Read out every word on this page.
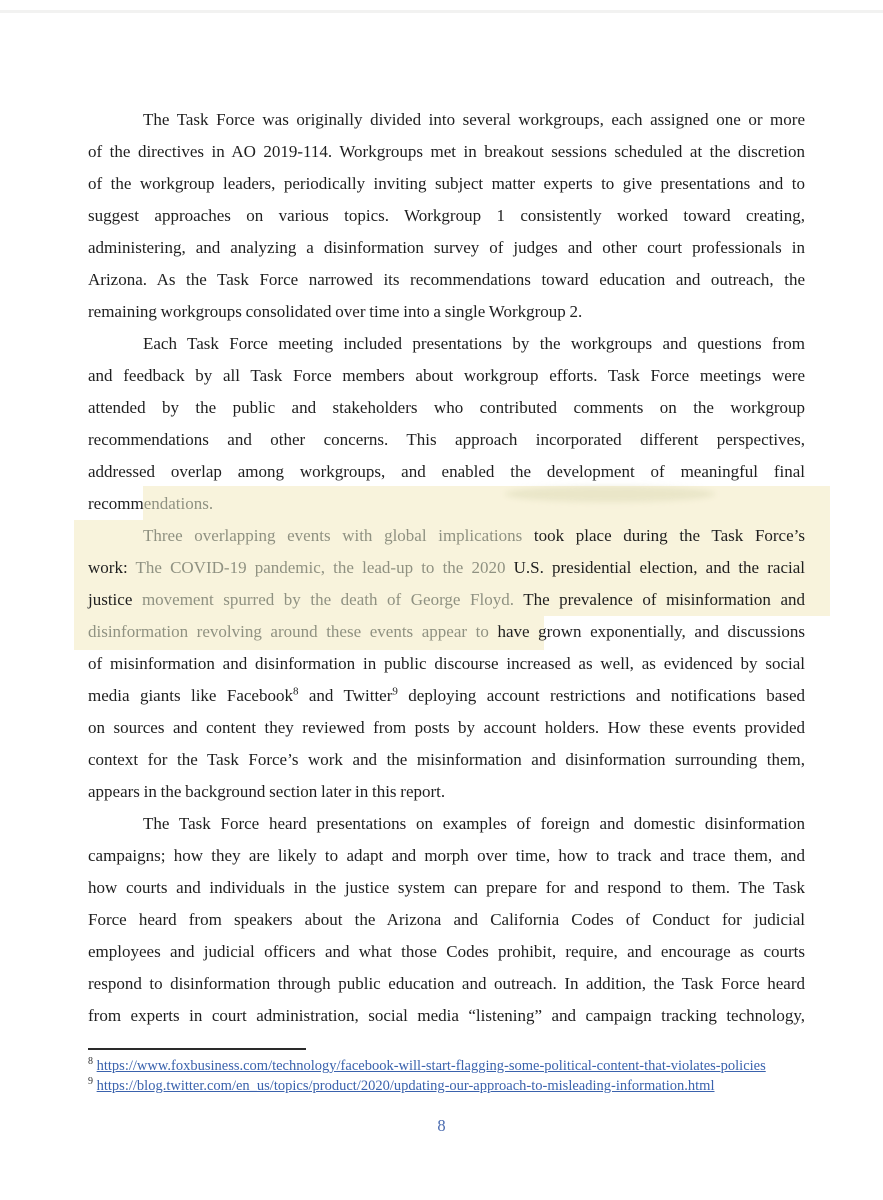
The Task Force was originally divided into several workgroups, each assigned one or more
of the directives in AO 2019-114. Workgroups met in breakout sessions scheduled at the discretion
of the workgroup leaders, periodically inviting subject matter experts to give presentations and to
suggest approaches on various topics. Workgroup 1 consistently worked toward creating,
administering, and analyzing a disinformation survey of judges and other court professionals in
Arizona. As the Task Force narrowed its recommendations toward education and outreach, the
remaining workgroups consolidated over time into a single Workgroup 2.
Each Task Force meeting included presentations by the workgroups and questions from
and feedback by all Task Force members about workgroup efforts. Task Force meetings were
attended by the public and stakeholders who contributed comments on the workgroup
recommendations and other concerns. This approach incorporated different perspectives,
addressed overlap among workgroups, and enabled the development of meaningful final
recommendations.
Three overlapping events with global implications took place during the Task Force’s
work: The COVID-19 pandemic, the lead-up to the 2020 U.S. presidential election, and the racial
justice movement spurred by the death of George Floyd. The prevalence of misinformation and
disinformation revolving around these events appear to have grown exponentially, and discussions
of misinformation and disinformation in public discourse increased as well, as evidenced by social
media giants like Facebook$^8$ and Twitter$^9$ deploying account restrictions and notifications based
on sources and content they reviewed from posts by account holders. How these events provided
context for the Task Force’s work and the misinformation and disinformation surrounding them,
appears in the background section later in this report.
The Task Force heard presentations on examples of foreign and domestic disinformation
campaigns; how they are likely to adapt and morph over time, how to track and trace them, and
how courts and individuals in the justice system can prepare for and respond to them. The Task
Force heard from speakers about the Arizona and California Codes of Conduct for judicial
employees and judicial officers and what those Codes prohibit, require, and encourage as courts
respond to disinformation through public education and outreach. In addition, the Task Force heard
from experts in court administration, social media “listening” and campaign tracking technology,
$^8$ https://www.foxbusiness.com/technology/facebook-will-start-flagging-some-political-content-that-violates-policies
$^9$ https://blog.twitter.com/en_us/topics/product/2020/updating-our-approach-to-misleading-information.html
8
